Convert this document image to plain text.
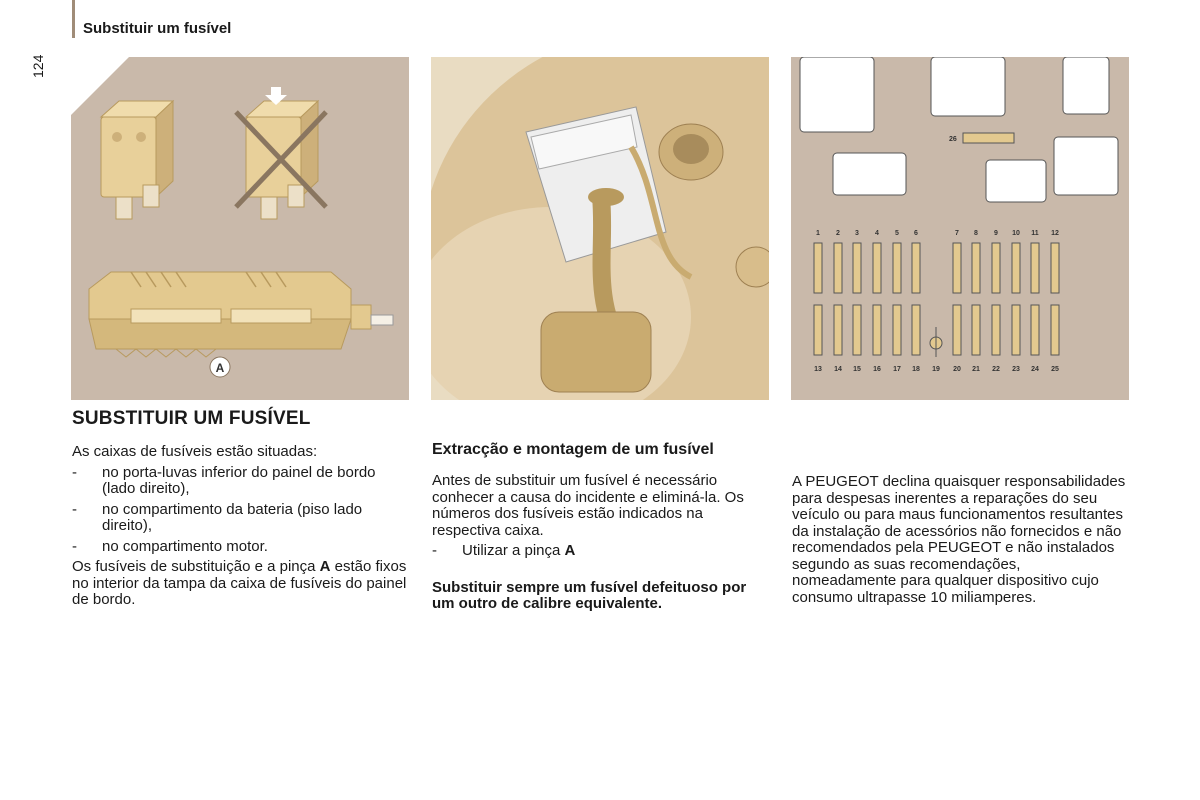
Substituir um fusível
124
A
26
1 2 3 4 5 6	7 8 9 10 11 12
13 14 15 16 17 18 19 20 21 22 23 24 25
SUBSTITUIR UM FUSÍVEL

As caixas de fusíveis estão situadas:

- no porta-luvas inferior do painel de bordo (lado direito),
- no compartimento da bateria (piso lado direito),
- no compartimento motor.

Os fusíveis de substituição e a pinça A estão fixos no interior da tampa da caixa de fusíveis do painel de bordo.

Extracção e montagem de um fusível

Antes de substituir um fusível é necessário conhecer a causa do incidente e eliminá-la. Os números dos fusíveis estão indicados na respectiva caixa.

- Utilizar a pinça A

Substituir sempre um fusível defeituoso por um outro de calibre equivalente.

A PEUGEOT declina quaisquer responsabilidades para despesas inerentes a reparações do seu veículo ou para maus funcionamentos resultantes da instalação de acessórios não fornecidos e não recomendados pela PEUGEOT e não instalados segundo as suas recomendações, nomeadamente para qualquer dispositivo cujo consumo ultrapasse 10 miliamperes.
